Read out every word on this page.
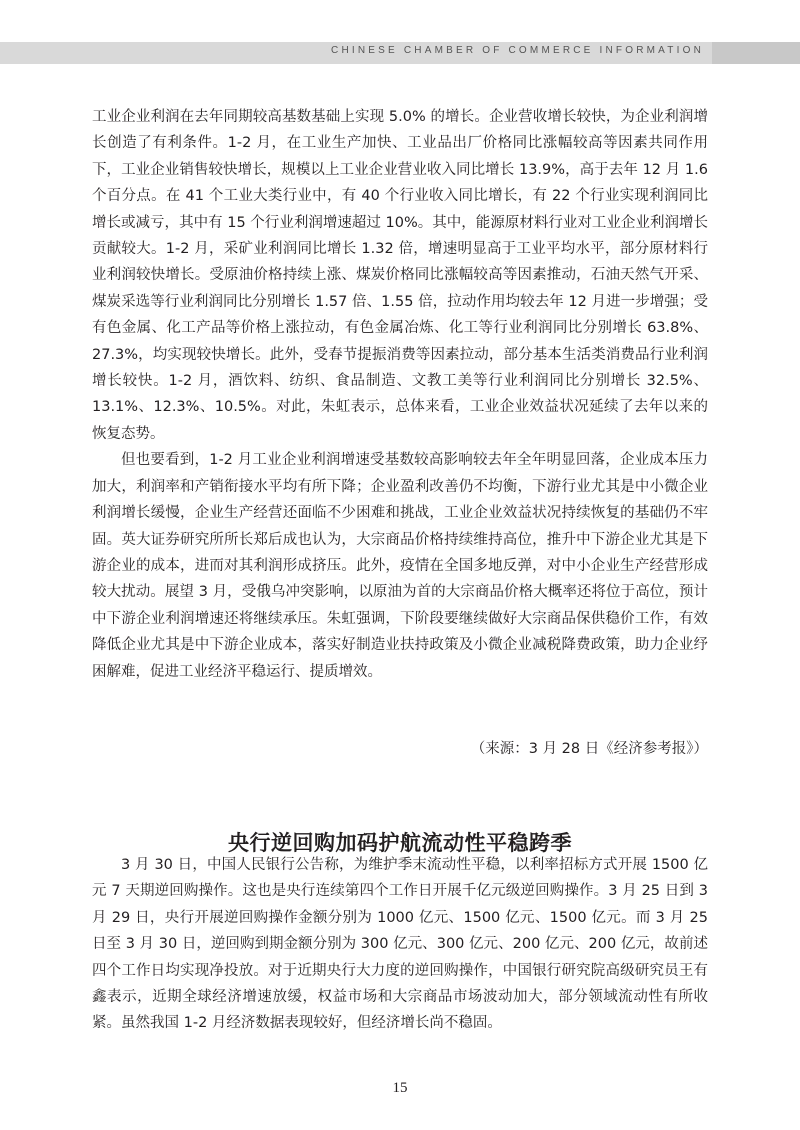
CHINESE CHAMBER OF COMMERCE INFORMATION

工业企业利润在去年同期较高基数基础上实现 5.0% 的增长。企业营收增长较快，为企业利润增长创造了有利条件。1-2 月，在工业生产加快、工业品出厂价格同比涨幅较高等因素共同作用下，工业企业销售较快增长，规模以上工业企业营业收入同比增长 13.9%，高于去年 12 月 1.6 个百分点。在 41 个工业大类行业中，有 40 个行业收入同比增长，有 22 个行业实现利润同比增长或减亏，其中有 15 个行业利润增速超过 10%。其中，能源原材料行业对工业企业利润增长贡献较大。1-2 月，采矿业利润同比增长 1.32 倍，增速明显高于工业平均水平，部分原材料行业利润较快增长。受原油价格持续上涨、煤炭价格同比涨幅较高等因素推动，石油天然气开采、煤炭采选等行业利润同比分别增长 1.57 倍、1.55 倍，拉动作用均较去年 12 月进一步增强；受有色金属、化工产品等价格上涨拉动，有色金属冶炼、化工等行业利润同比分别增长 63.8%、27.3%，均实现较快增长。此外，受春节提振消费等因素拉动，部分基本生活类消费品行业利润增长较快。1-2 月，酒饮料、纺织、食品制造、文教工美等行业利润同比分别增长 32.5%、13.1%、12.3%、10.5%。对此，朱虹表示，总体来看，工业企业效益状况延续了去年以来的恢复态势。

但也要看到，1-2 月工业企业利润增速受基数较高影响较去年全年明显回落，企业成本压力加大，利润率和产销衔接水平均有所下降；企业盈利改善仍不均衡，下游行业尤其是中小微企业利润增长缓慢，企业生产经营还面临不少困难和挑战，工业企业效益状况持续恢复的基础仍不牢固。英大证券研究所所长郑后成也认为，大宗商品价格持续维持高位，推升中下游企业尤其是下游企业的成本，进而对其利润形成挤压。此外，疫情在全国多地反弹，对中小企业生产经营形成较大扰动。展望 3 月，受俄乌冲突影响，以原油为首的大宗商品价格大概率还将位于高位，预计中下游企业利润增速还将继续承压。朱虹强调，下阶段要继续做好大宗商品保供稳价工作，有效降低企业尤其是中下游企业成本，落实好制造业扶持政策及小微企业减税降费政策，助力企业纾困解难，促进工业经济平稳运行、提质增效。

（来源：3 月 28 日《经济参考报》）
央行逆回购加码护航流动性平稳跨季

3 月 30 日，中国人民银行公告称，为维护季末流动性平稳，以利率招标方式开展 1500 亿元 7 天期逆回购操作。这也是央行连续第四个工作日开展千亿元级逆回购操作。3 月 25 日到 3 月 29 日，央行开展逆回购操作金额分别为 1000 亿元、1500 亿元、1500 亿元。而 3 月 25 日至 3 月 30 日，逆回购到期金额分别为 300 亿元、300 亿元、200 亿元、200 亿元，故前述四个工作日均实现净投放。对于近期央行大力度的逆回购操作，中国银行研究院高级研究员王有鑫表示，近期全球经济增速放缓，权益市场和大宗商品市场波动加大，部分领域流动性有所收紧。虽然我国 1-2 月经济数据表现较好，但经济增长尚不稳固。

15
